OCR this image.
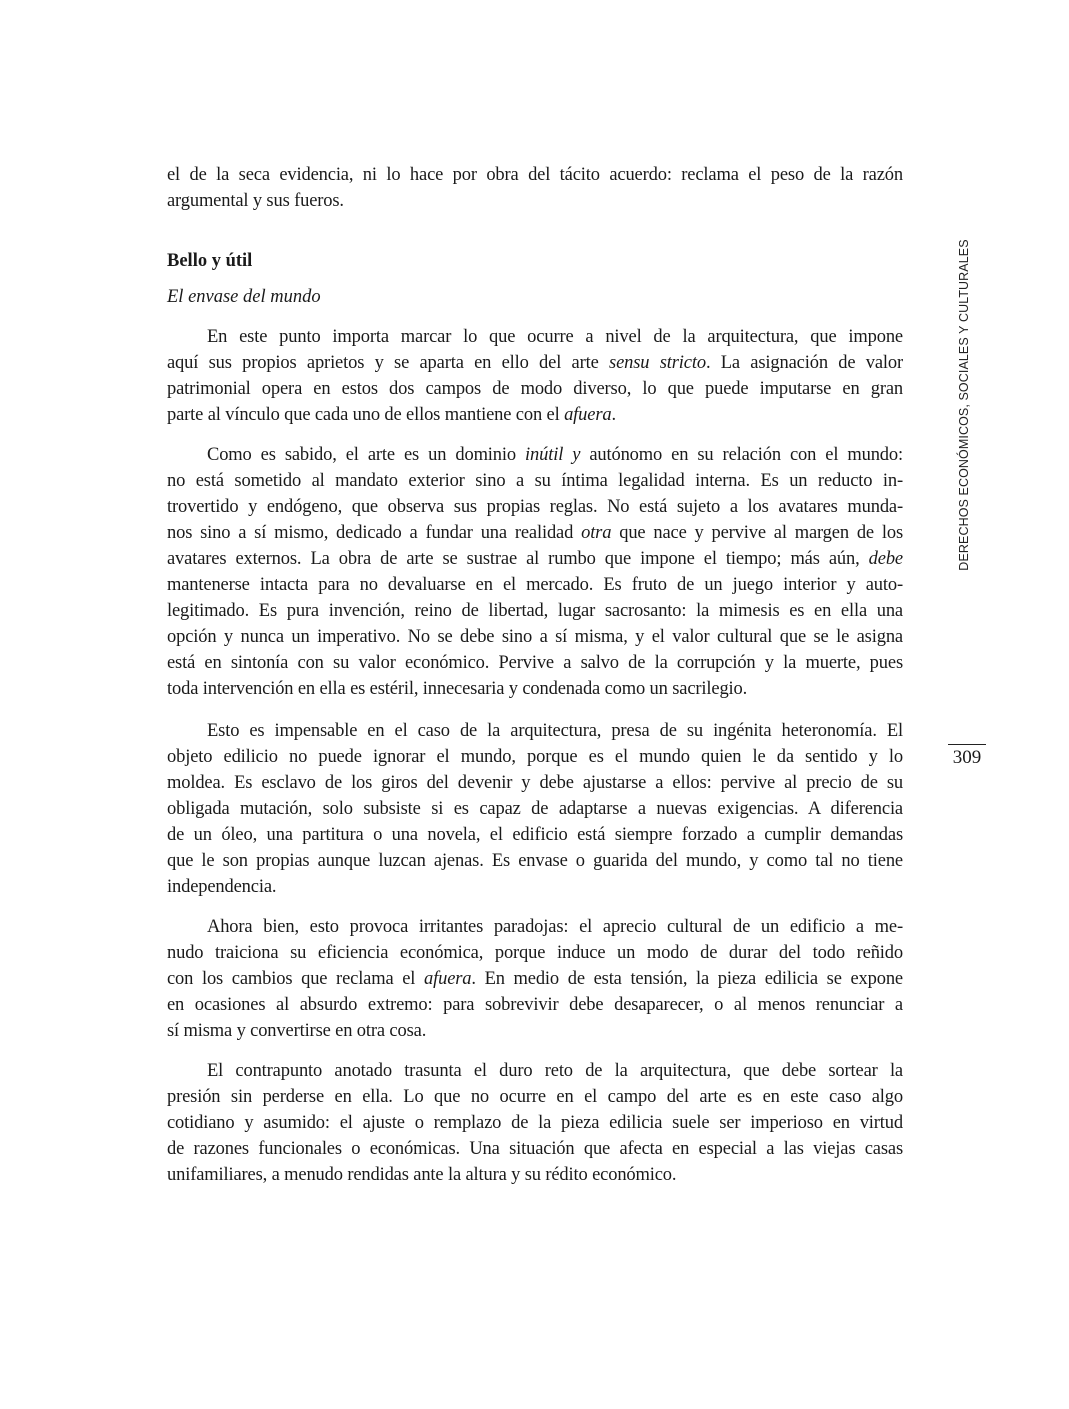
Bello y útil
El envase del mundo
el de la seca evidencia, ni lo hace por obra del tácito acuerdo: reclama el peso de la razón
argumental y sus fueros.
En este punto importa marcar lo que ocurre a nivel de la arquitectura, que impone
aquí sus propios aprietos y se aparta en ello del arte sensu stricto. La asignación de valor
patrimonial opera en estos dos campos de modo diverso, lo que puede imputarse en gran
parte al vínculo que cada uno de ellos mantiene con el afuera.
Como es sabido, el arte es un dominio inútil y autónomo en su relación con el mundo:
no está sometido al mandato exterior sino a su íntima legalidad interna. Es un reducto in-
trovertido y endógeno, que observa sus propias reglas. No está sujeto a los avatares munda-
nos sino a sí mismo, dedicado a fundar una realidad otra que nace y pervive al margen de los
avatares externos. La obra de arte se sustrae al rumbo que impone el tiempo; más aún, debe
mantenerse intacta para no devaluarse en el mercado. Es fruto de un juego interior y auto-
legitimado. Es pura invención, reino de libertad, lugar sacrosanto: la mimesis es en ella una
opción y nunca un imperativo. No se debe sino a sí misma, y el valor cultural que se le asigna
está en sintonía con su valor económico. Pervive a salvo de la corrupción y la muerte, pues
toda intervención en ella es estéril, innecesaria y condenada como un sacrilegio.
Esto es impensable en el caso de la arquitectura, presa de su ingénita heteronomía. El
objeto edilicio no puede ignorar el mundo, porque es el mundo quien le da sentido y lo
moldea. Es esclavo de los giros del devenir y debe ajustarse a ellos: pervive al precio de su
obligada mutación, solo subsiste si es capaz de adaptarse a nuevas exigencias. A diferencia
de un óleo, una partitura o una novela, el edificio está siempre forzado a cumplir demandas
que le son propias aunque luzcan ajenas. Es envase o guarida del mundo, y como tal no tiene
independencia.
Ahora bien, esto provoca irritantes paradojas: el aprecio cultural de un edificio a me-
nudo traiciona su eficiencia económica, porque induce un modo de durar del todo reñido
con los cambios que reclama el afuera. En medio de esta tensión, la pieza edilicia se expone
en ocasiones al absurdo extremo: para sobrevivir debe desaparecer, o al menos renunciar a
sí misma y convertirse en otra cosa.
El contrapunto anotado trasunta el duro reto de la arquitectura, que debe sortear la
presión sin perderse en ella. Lo que no ocurre en el campo del arte es en este caso algo
cotidiano y asumido: el ajuste o remplazo de la pieza edilicia suele ser imperioso en virtud
de razones funcionales o económicas. Una situación que afecta en especial a las viejas casas
unifamiliares, a menudo rendidas ante la altura y su rédito económico.
DERECHOS ECONÓMICOS, SOCIALES Y CULTURALES
309
